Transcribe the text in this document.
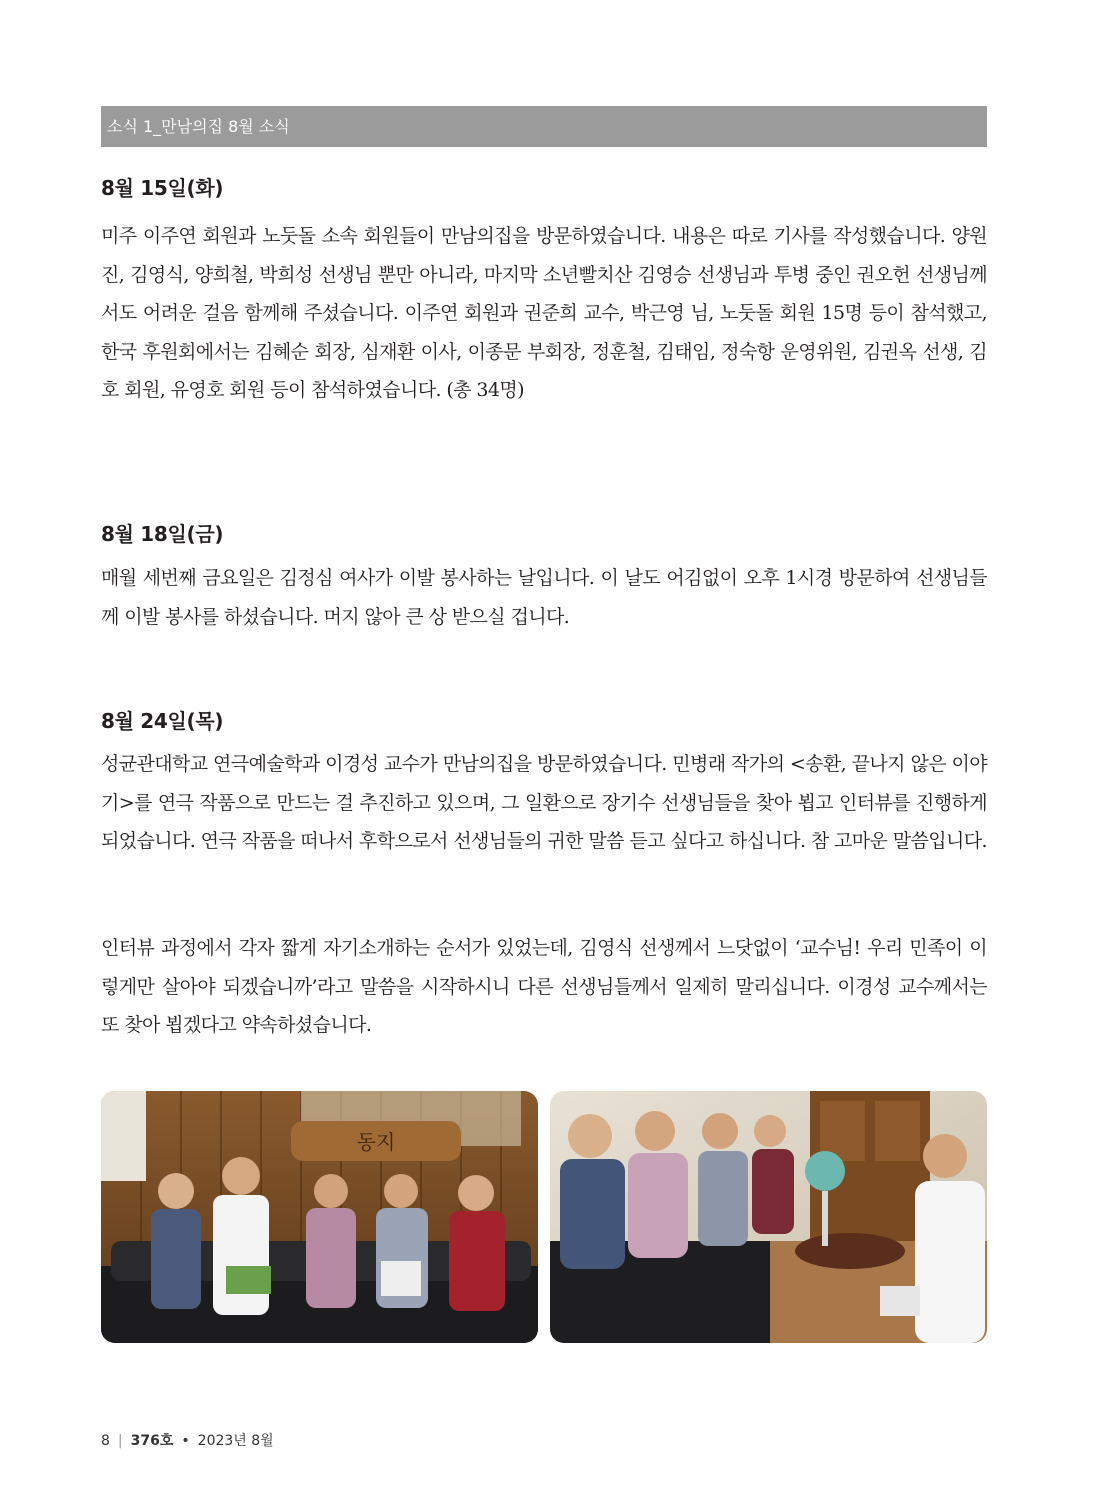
소식 1_만남의집 8월 소식
8월 15일(화)

미주 이주연 회원과 노둣돌 소속 회원들이 만남의집을 방문하였습니다. 내용은 따로 기사를 작성했습니다. 양원진, 김영식, 양희철, 박희성 선생님 뿐만 아니라, 마지막 소년빨치산 김영승 선생님과 투병 중인 권오헌 선생님께서도 어려운 걸음 함께해 주셨습니다. 이주연 회원과 권준희 교수, 박근영 님, 노둣돌 회원 15명 등이 참석했고, 한국 후원회에서는 김혜순 회장, 심재환 이사, 이종문 부회장, 정훈철, 김태임, 정숙항 운영위원, 김권옥 선생, 김호 회원, 유영호 회원 등이 참석하였습니다. (총 34명)

8월 18일(금)

매월 세번째 금요일은 김정심 여사가 이발 봉사하는 날입니다. 이 날도 어김없이 오후 1시경 방문하여 선생님들께 이발 봉사를 하셨습니다. 머지 않아 큰 상 받으실 겁니다.

8월 24일(목)

성균관대학교 연극예술학과 이경성 교수가 만남의집을 방문하였습니다. 민병래 작가의 <송환, 끝나지 않은 이야기>를 연극 작품으로 만드는 걸 추진하고 있으며, 그 일환으로 장기수 선생님들을 찾아 뵙고 인터뷰를 진행하게 되었습니다. 연극 작품을 떠나서 후학으로서 선생님들의 귀한 말씀 듣고 싶다고 하십니다. 참 고마운 말씀입니다.

인터뷰 과정에서 각자 짧게 자기소개하는 순서가 있었는데, 김영식 선생께서 느닷없이 ‘교수님! 우리 민족이 이렇게만 살아야 되겠습니까’라고 말씀을 시작하시니 다른 선생님들께서 일제히 말리십니다. 이경성 교수께서는 또 찾아 뵙겠다고 약속하셨습니다.

동지
8 | 376호 • 2023년 8월
